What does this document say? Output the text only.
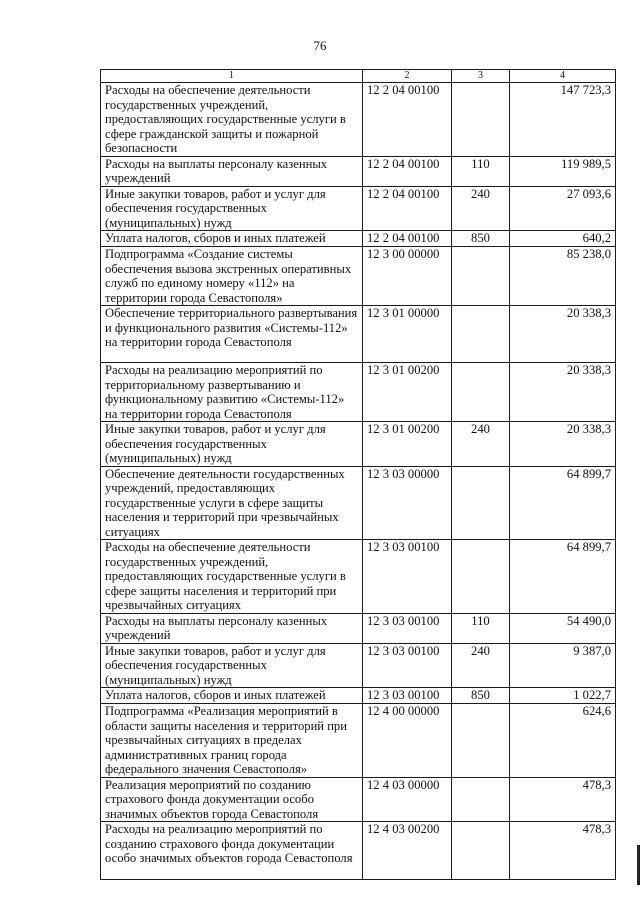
76
1	2	3	4
Расходы на обеспечение деятельности государственных учреждений, предоставляющих государственные услуги в сфере гражданской защиты и пожарной безопасности	12 2 04 00100		147 723,3
Расходы на выплаты персоналу казенных учреждений	12 2 04 00100	110	119 989,5
Иные закупки товаров, работ и услуг для обеспечения государственных (муниципальных) нужд	12 2 04 00100	240	27 093,6
Уплата налогов, сборов и иных платежей	12 2 04 00100	850	640,2
Подпрограмма «Создание системы обеспечения вызова экстренных оперативных служб по единому номеру «112» на территории города Севастополя»	12 3 00 00000		85 238,0
Обеспечение территориального развертывания и функционального развития «Системы-112» на территории города Севастополя	12 3 01 00000		20 338,3
Расходы на реализацию мероприятий по территориальному развертыванию и функциональному развитию «Системы-112» на территории города Севастополя	12 3 01 00200		20 338,3
Иные закупки товаров, работ и услуг для обеспечения государственных (муниципальных) нужд	12 3 01 00200	240	20 338,3
Обеспечение деятельности государственных учреждений, предоставляющих государственные услуги в сфере защиты населения и территорий при чрезвычайных ситуациях	12 3 03 00000		64 899,7
Расходы на обеспечение деятельности государственных учреждений, предоставляющих государственные услуги в сфере защиты населения и территорий при чрезвычайных ситуациях	12 3 03 00100		64 899,7
Расходы на выплаты персоналу казенных учреждений	12 3 03 00100	110	54 490,0
Иные закупки товаров, работ и услуг для обеспечения государственных (муниципальных) нужд	12 3 03 00100	240	9 387,0
Уплата налогов, сборов и иных платежей	12 3 03 00100	850	1 022,7
Подпрограмма «Реализация мероприятий в области защиты населения и территорий при чрезвычайных ситуациях в пределах административных границ города федерального значения Севастополя»	12 4 00 00000		624,6
Реализация мероприятий по созданию страхового фонда документации особо значимых объектов города Севастополя	12 4 03 00000		478,3
Расходы на реализацию мероприятий по созданию страхового фонда документации особо значимых объектов города Севастополя	12 4 03 00200		478,3
